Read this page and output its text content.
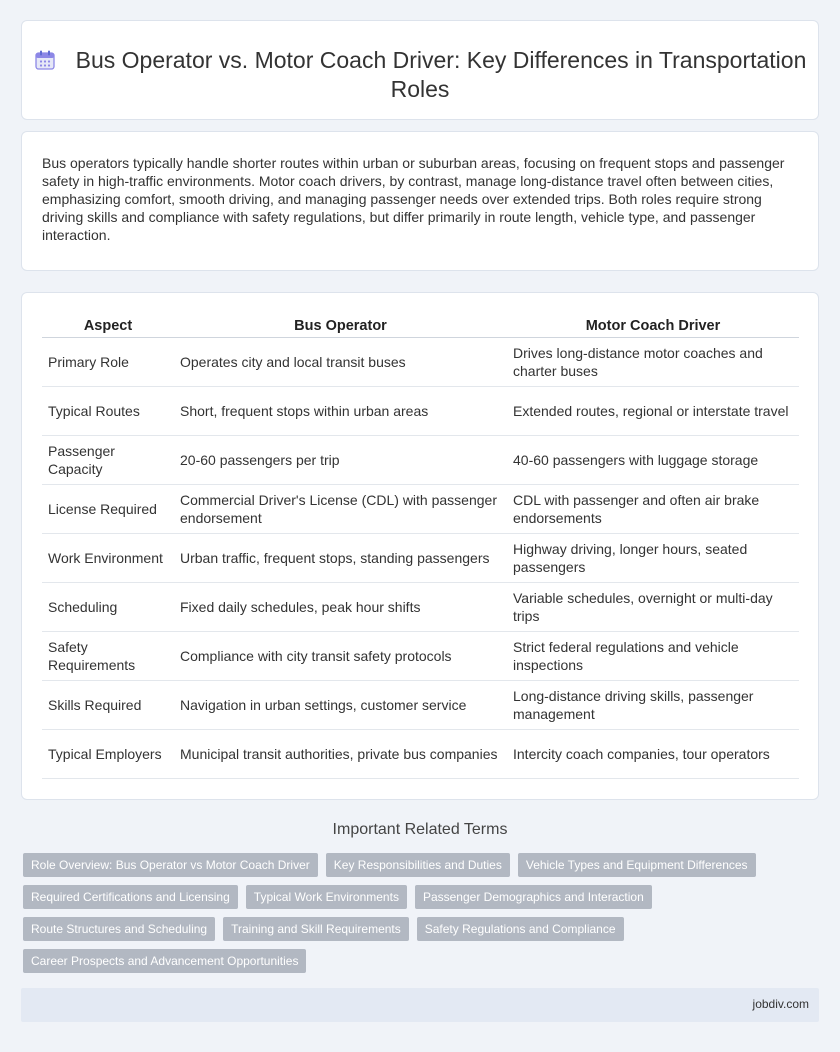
Bus Operator vs. Motor Coach Driver: Key Differences in Transportation Roles

Bus operators typically handle shorter routes within urban or suburban areas, focusing on frequent stops and passenger safety in high-traffic environments. Motor coach drivers, by contrast, manage long-distance travel often between cities, emphasizing comfort, smooth driving, and managing passenger needs over extended trips. Both roles require strong driving skills and compliance with safety regulations, but differ primarily in route length, vehicle type, and passenger interaction.

Aspect	Bus Operator	Motor Coach Driver
Primary Role	Operates city and local transit buses	Drives long-distance motor coaches and charter buses
Typical Routes	Short, frequent stops within urban areas	Extended routes, regional or interstate travel
Passenger Capacity	20-60 passengers per trip	40-60 passengers with luggage storage
License Required	Commercial Driver's License (CDL) with passenger endorsement	CDL with passenger and often air brake endorsements
Work Environment	Urban traffic, frequent stops, standing passengers	Highway driving, longer hours, seated passengers
Scheduling	Fixed daily schedules, peak hour shifts	Variable schedules, overnight or multi-day trips
Safety Requirements	Compliance with city transit safety protocols	Strict federal regulations and vehicle inspections
Skills Required	Navigation in urban settings, customer service	Long-distance driving skills, passenger management
Typical Employers	Municipal transit authorities, private bus companies	Intercity coach companies, tour operators
Important Related Terms
Role Overview: Bus Operator vs Motor Coach Driver	Key Responsibilities and Duties	Vehicle Types and Equipment Differences
Required Certifications and Licensing	Typical Work Environments	Passenger Demographics and Interaction
Route Structures and Scheduling	Training and Skill Requirements	Safety Regulations and Compliance
Career Prospects and Advancement Opportunities
jobdiv.com
